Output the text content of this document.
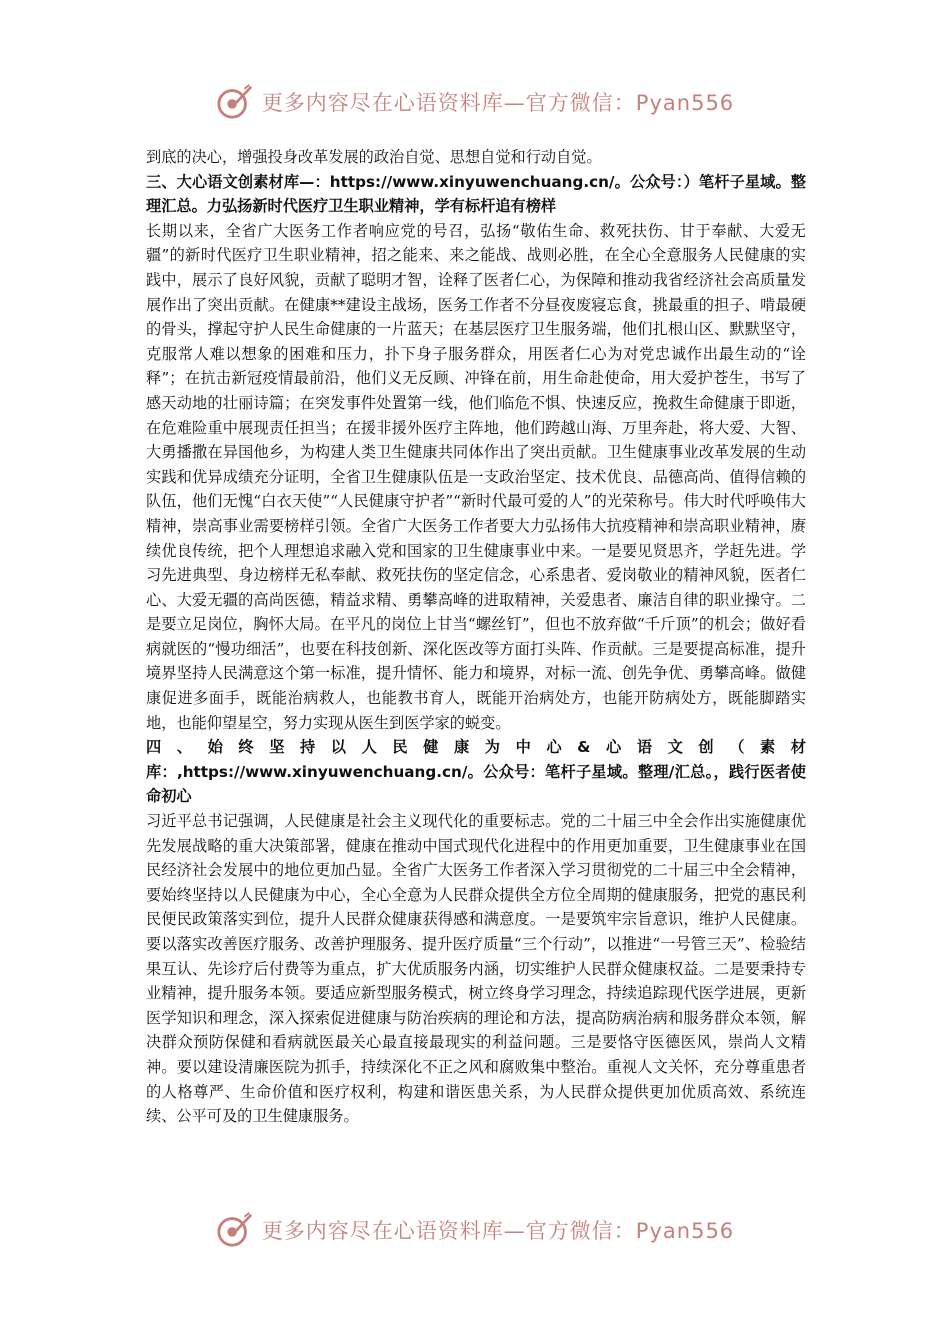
更多内容尽在心语资料库—官方微信：Pyan556

到底的决心，增强投身改革发展的政治自觉、思想自觉和行动自觉。

三、大心语文创素材库—：https://www.xinyuwenchuang.cn/。公众号：）笔杆子星域。整理汇总。力弘扬新时代医疗卫生职业精神，学有标杆追有榜样

长期以来，全省广大医务工作者响应党的号召，弘扬“敬佑生命、救死扶伤、甘于奉献、大爱无疆”的新时代医疗卫生职业精神，招之能来、来之能战、战则必胜，在全心全意服务人民健康的实践中，展示了良好风貌，贡献了聪明才智，诠释了医者仁心，为保障和推动我省经济社会高质量发展作出了突出贡献。在健康**建设主战场，医务工作者不分昼夜废寝忘食，挑最重的担子、啃最硬的骨头，撑起守护人民生命健康的一片蓝天；在基层医疗卫生服务端，他们扎根山区、默默坚守，克服常人难以想象的困难和压力，扑下身子服务群众，用医者仁心为对党忠诚作出最生动的“诠释”；在抗击新冠疫情最前沿，他们义无反顾、冲锋在前，用生命赴使命，用大爱护苍生，书写了感天动地的壮丽诗篇；在突发事件处置第一线，他们临危不惧、快速反应，挽救生命健康于即逝，在危难险重中展现责任担当；在援非援外医疗主阵地，他们跨越山海、万里奔赴，将大爱、大智、大勇播撒在异国他乡，为构建人类卫生健康共同体作出了突出贡献。卫生健康事业改革发展的生动实践和优异成绩充分证明，全省卫生健康队伍是一支政治坚定、技术优良、品德高尚、值得信赖的队伍，他们无愧“白衣天使”“人民健康守护者”“新时代最可爱的人”的光荣称号。伟大时代呼唤伟大精神，崇高事业需要榜样引领。全省广大医务工作者要大力弘扬伟大抗疫精神和崇高职业精神，赓续优良传统，把个人理想追求融入党和国家的卫生健康事业中来。一是要见贤思齐，学赶先进。学习先进典型、身边榜样无私奉献、救死扶伤的坚定信念，心系患者、爱岗敬业的精神风貌，医者仁心、大爱无疆的高尚医德，精益求精、勇攀高峰的进取精神，关爱患者、廉洁自律的职业操守。二是要立足岗位，胸怀大局。在平凡的岗位上甘当“螺丝钉”，但也不放弃做“千斤顶”的机会；做好看病就医的“慢功细活”，也要在科技创新、深化医改等方面打头阵、作贡献。三是要提高标准，提升境界坚持人民满意这个第一标准，提升情怀、能力和境界，对标一流、创先争优、勇攀高峰。做健康促进多面手，既能治病救人，也能教书育人，既能开治病处方，也能开防病处方，既能脚踏实地，也能仰望星空，努力实现从医生到医学家的蜕变。

四、始终坚持以人民健康为中心&心语文创（素材库：,https://www.xinyuwenchuang.cn/。公众号：笔杆子星域。整理/汇总。，践行医者使命初心

习近平总书记强调，人民健康是社会主义现代化的重要标志。党的二十届三中全会作出实施健康优先发展战略的重大决策部署，健康在推动中国式现代化进程中的作用更加重要，卫生健康事业在国民经济社会发展中的地位更加凸显。全省广大医务工作者深入学习贯彻党的二十届三中全会精神，要始终坚持以人民健康为中心，全心全意为人民群众提供全方位全周期的健康服务，把党的惠民利民便民政策落实到位，提升人民群众健康获得感和满意度。一是要筑牢宗旨意识，维护人民健康。要以落实改善医疗服务、改善护理服务、提升医疗质量“三个行动”，以推进“一号管三天”、检验结果互认、先诊疗后付费等为重点，扩大优质服务内涵，切实维护人民群众健康权益。二是要秉持专业精神，提升服务本领。要适应新型服务模式，树立终身学习理念，持续追踪现代医学进展，更新医学知识和理念，深入探索促进健康与防治疾病的理论和方法，提高防病治病和服务群众本领，解决群众预防保健和看病就医最关心最直接最现实的利益问题。三是要恪守医德医风，崇尚人文精神。要以建设清廉医院为抓手，持续深化不正之风和腐败集中整治。重视人文关怀，充分尊重患者的人格尊严、生命价值和医疗权利，构建和谐医患关系，为人民群众提供更加优质高效、系统连续、公平可及的卫生健康服务。

更多内容尽在心语资料库—官方微信：Pyan556
